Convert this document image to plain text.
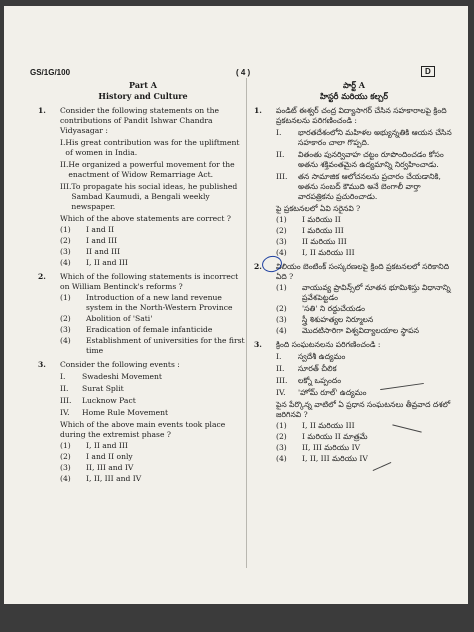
GS/1G/100	( 4 )	D
Part A
History and Culture
1.	Consider the following statements on the contributions of Pandit Ishwar Chandra Vidyasagar :
I. His great contribution was for the upliftment of women in India.
II. He organized a powerful movement for the enactment of Widow Remarriage Act.
III. To propagate his social ideas, he published Sambad Kaumudi, a Bengali weekly newspaper.
Which of the above statements are correct ?
(1)	I and II
(2)	I and III
(3)	II and III
(4)	I, II and III
2.	Which of the following statements is incorrect on William Bentinck's reforms ?
(1)	Introduction of a new land revenue system in the North-Western Province
(2)	Abolition of 'Sati'
(3)	Eradication of female infanticide
(4)	Establishment of universities for the first time
3.	Consider the following events :
I.	Swadeshi Movement
II.	Surat Split
III.	Lucknow Pact
IV.	Home Rule Movement
Which of the above main events took place during the extremist phase ?
(1)	I, II and III
(2)	I and II only
(3)	II, III and IV
(4)	I, II, III and IV
పార్ట్ A
హిస్టరీ మరియు కల్చర్
1.	పండిట్ ఈశ్వర్ చంద్ర విద్యాసాగర్ చేసిన సహకారాలపై క్రింది ప్రకటనలను పరిగణించండి :
I.	భారతదేశంలోని మహిళల అభ్యున్నతికి ఆయన చేసిన సహకారం చాలా గొప్పది.
II.	వితంతు పునర్వివాహ చట్టం రూపొందించడం కోసం అతను శక్తివంతమైన ఉద్యమాన్ని నిర్వహించాడు.
III.	తన సామాజిక ఆలోచనలను ప్రచారం చేయడానికి, అతను సంబద్ కౌముది అనే బెంగాలీ వార్తా వారపత్రికను ప్రచురించాడు.
పై ప్రకటనలలో ఏవి సరైనవి ?
(1)	I మరియు II
(2)	I మరియు III
(3)	II మరియు III
(4)	I, II మరియు III
2.	విలియం బెంటింక్ సంస్కరణలపై క్రింది ప్రకటనలలో సరికానిది ఏది ?
(1)	వాయువ్య ప్రావిన్స్‌లో నూతన భూమిశిస్తు విధానాన్ని ప్రవేశపెట్టడం
(2)	'సతి' ని రద్దుచేయడం
(3)	స్త్రీ శిశుహత్యల నిర్మూలన
(4)	మొదటిసారిగా విశ్వవిద్యాలయాల స్థాపన
3.	క్రింది సంఘటనలను పరిగణించండి :
I.	స్వదేశీ ఉద్యమం
II.	సూరత్ చీలిక
III.	లక్నో ఒప్పందం
IV.	'హోమ్ రూల్' ఉద్యమం
పైన పేర్కొన్న వాటిలో ఏ ప్రధాన సంఘటనలు తీవ్రవాద దశలో జరిగినవి ?
(1)	I, II మరియు III
(2)	I మరియు II మాత్రమే
(3)	II, III మరియు IV
(4)	I, II, III మరియు IV
